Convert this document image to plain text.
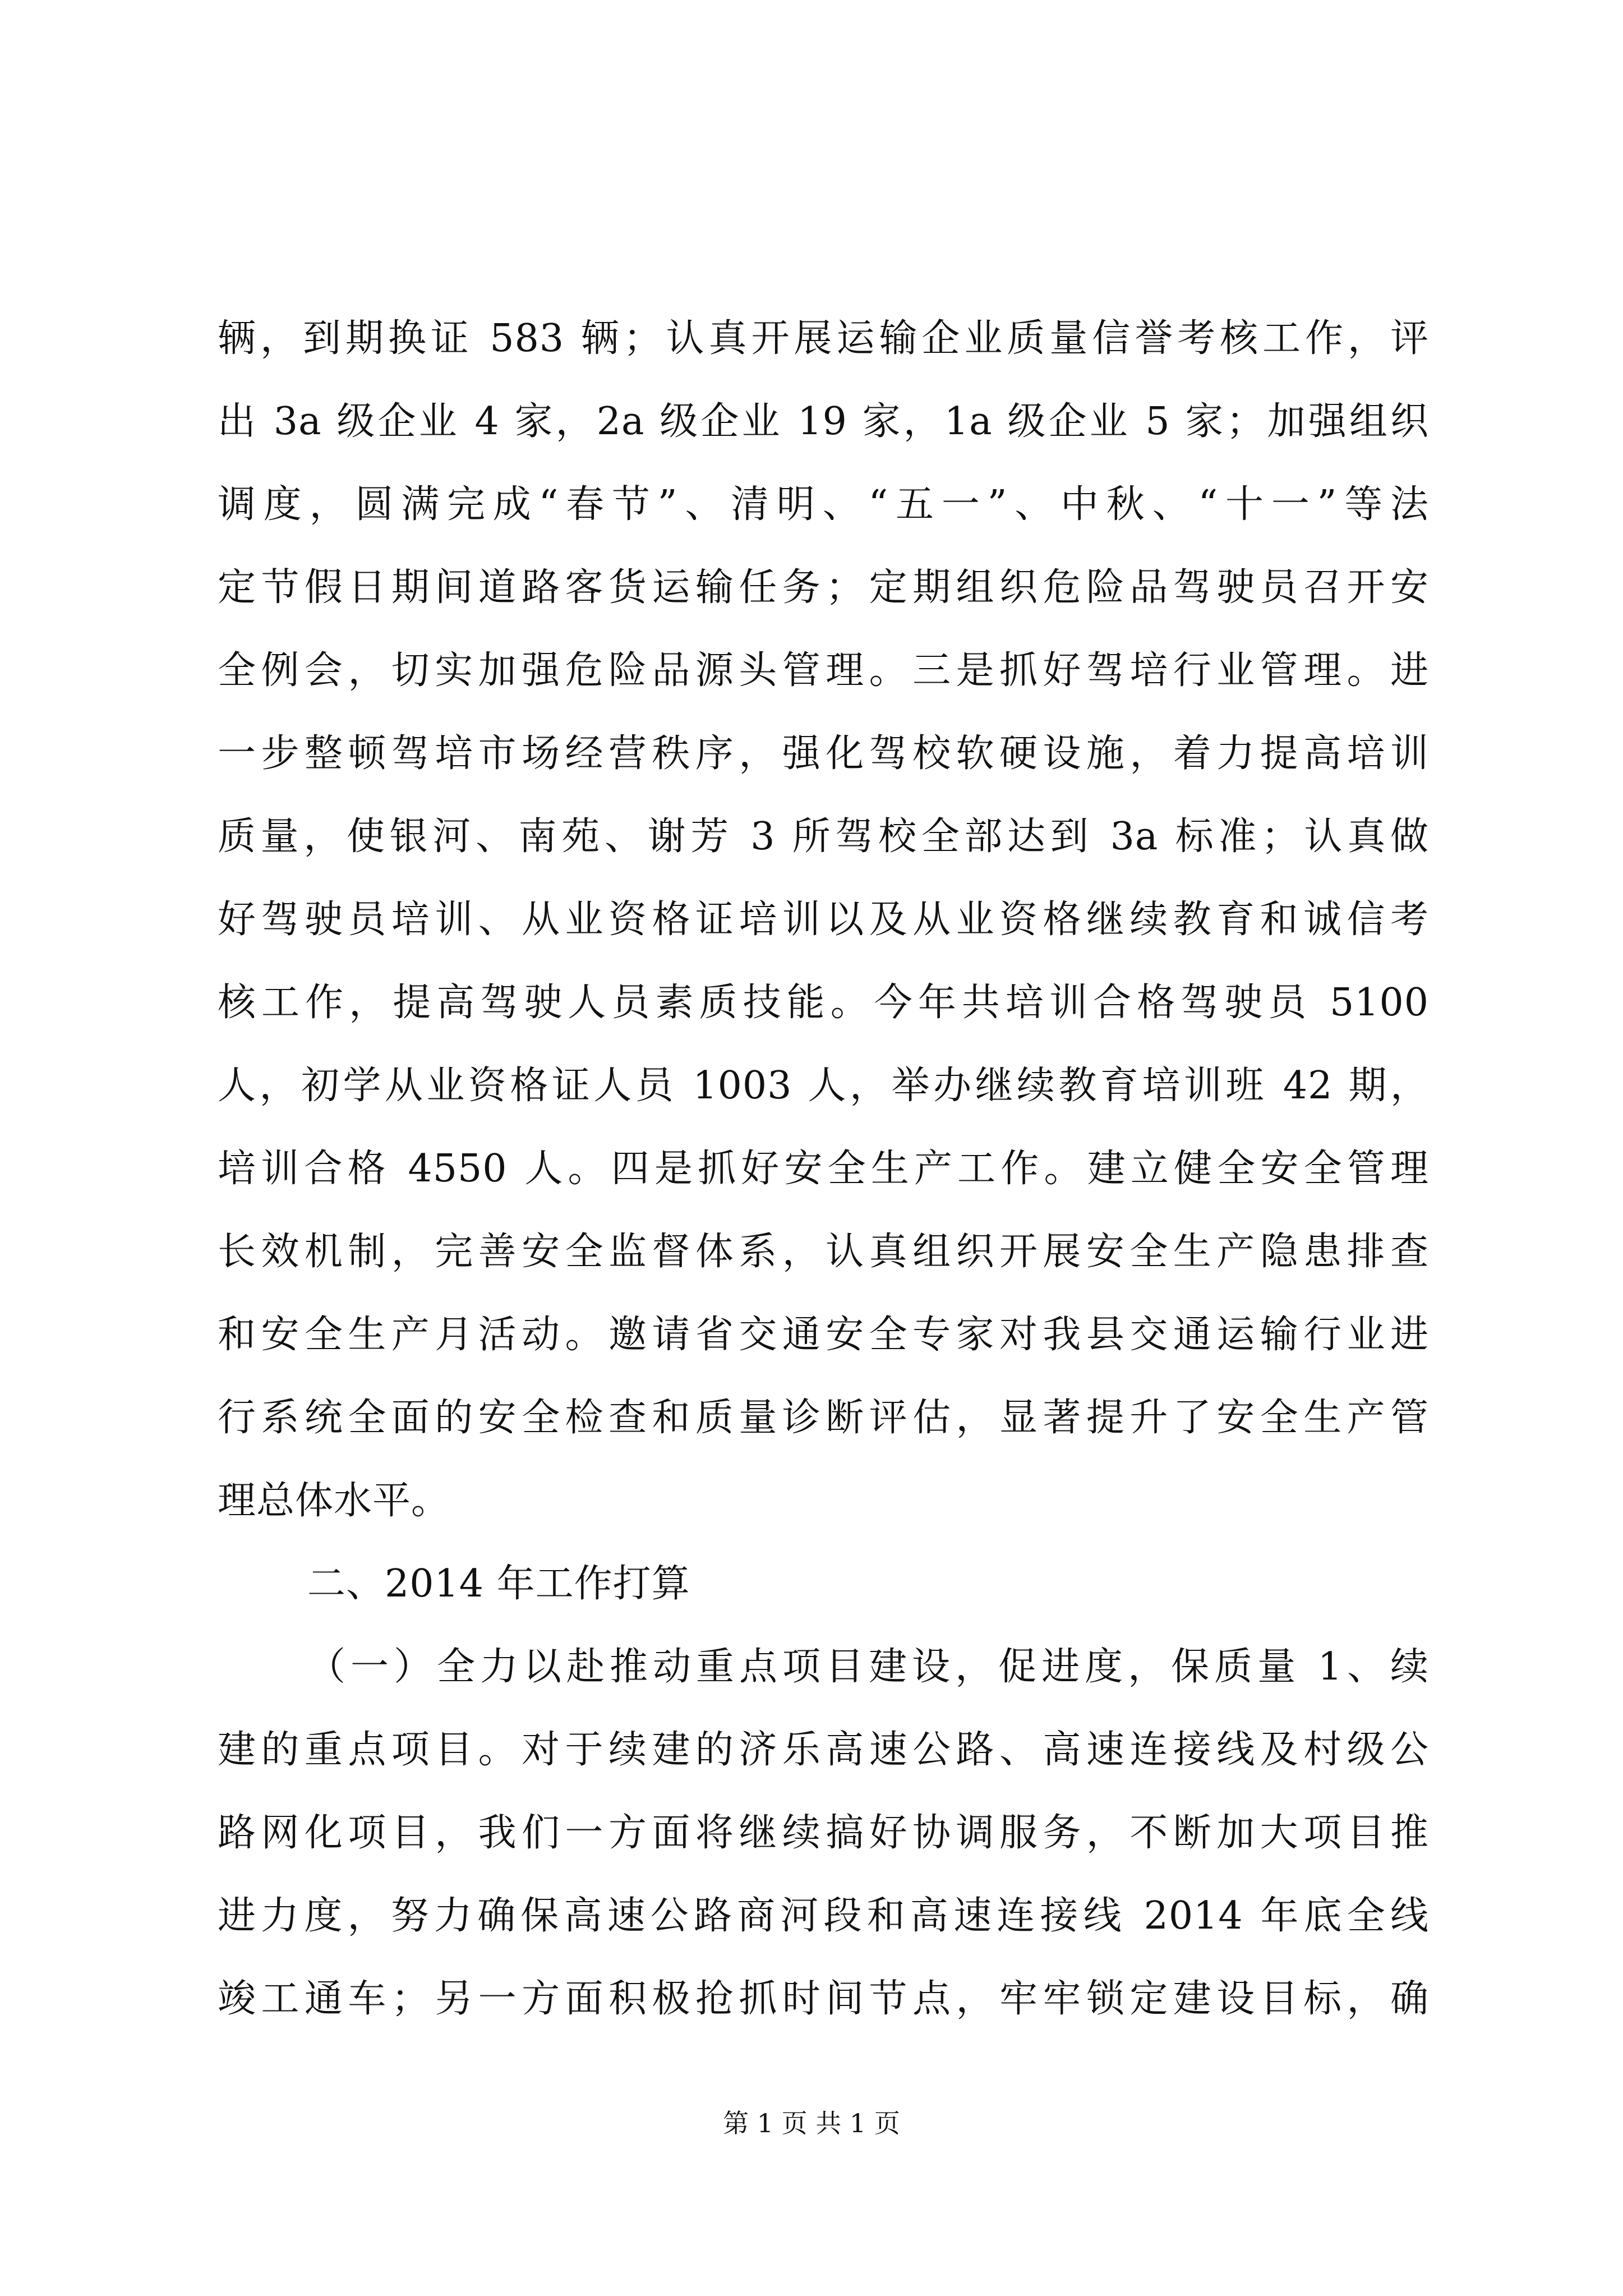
辆，到期换证 583 辆；认真开展运输企业质量信誉考核工作，评
出 3a 级企业 4 家，2a 级企业 19 家，1a 级企业 5 家；加强组织
调度，圆满完成“春节”、清明、“五一”、中秋、“十一”等法
定节假日期间道路客货运输任务；定期组织危险品驾驶员召开安
全例会，切实加强危险品源头管理。三是抓好驾培行业管理。进
一步整顿驾培市场经营秩序，强化驾校软硬设施，着力提高培训
质量，使银河、南苑、谢芳 3 所驾校全部达到 3a 标准；认真做
好驾驶员培训、从业资格证培训以及从业资格继续教育和诚信考
核工作，提高驾驶人员素质技能。今年共培训合格驾驶员 5100
人，初学从业资格证人员 1003 人，举办继续教育培训班 42 期，
培训合格 4550 人。四是抓好安全生产工作。建立健全安全管理
长效机制，完善安全监督体系，认真组织开展安全生产隐患排查
和安全生产月活动。邀请省交通安全专家对我县交通运输行业进
行系统全面的安全检查和质量诊断评估，显著提升了安全生产管
理总体水平。
二、2014 年工作打算
（一）全力以赴推动重点项目建设，促进度，保质量 1、续
建的重点项目。对于续建的济乐高速公路、高速连接线及村级公
路网化项目，我们一方面将继续搞好协调服务，不断加大项目推
进力度，努力确保高速公路商河段和高速连接线 2014 年底全线
竣工通车；另一方面积极抢抓时间节点，牢牢锁定建设目标，确
第 1 页 共 1 页
